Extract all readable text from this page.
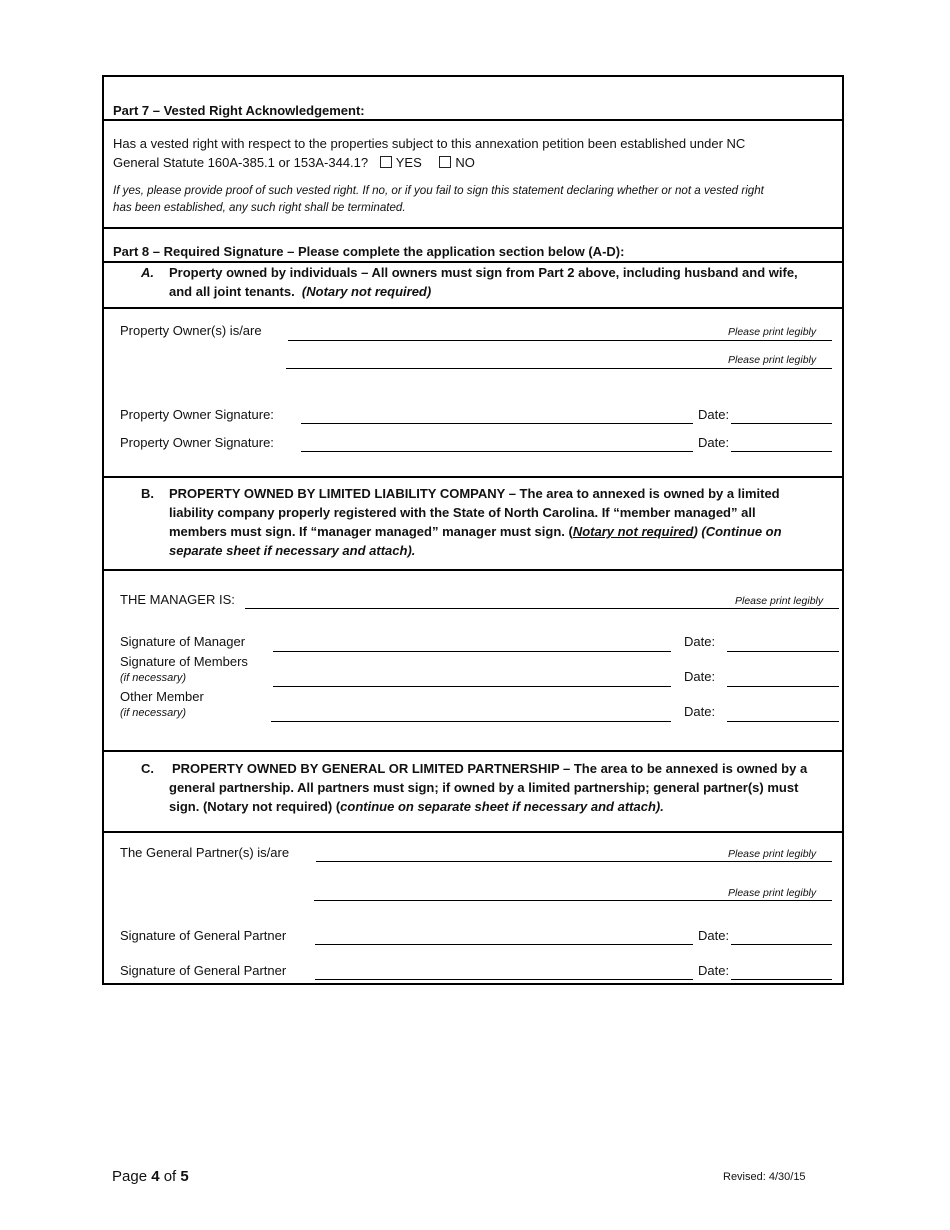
Part 7 – Vested Right Acknowledgement:
Has a vested right with respect to the properties subject to this annexation petition been established under NC
General Statute 160A-385.1 or 153A-344.1? YES	NO
If yes, please provide proof of such vested right. If no, or if you fail to sign this statement declaring whether or not a vested right
has been established, any such right shall be terminated.
Part 8 – Required Signature – Please complete the application section below (A-D):
A. Property owned by individuals – All owners must sign from Part 2 above, including husband and wife,
and all joint tenants. (Notary not required)
Property Owner(s) is/are	Please print legibly
Please print legibly
Property Owner Signature:	Date:
Property Owner Signature:	Date:
B. PROPERTY OWNED BY LIMITED LIABILITY COMPANY – The area to annexed is owned by a limited
liability company properly registered with the State of North Carolina. If “member managed” all
members must sign. If “manager managed” manager must sign. (Notary not required) (Continue on
separate sheet if necessary and attach).
THE MANAGER IS:	Please print legibly
Signature of Manager	Date:
Signature of Members
(if necessary)	Date:
Other Member
(if necessary)	Date:
C. PROPERTY OWNED BY GENERAL OR LIMITED PARTNERSHIP – The area to be annexed is owned by a
general partnership. All partners must sign; if owned by a limited partnership; general partner(s) must
sign. (Notary not required) (continue on separate sheet if necessary and attach).
The General Partner(s) is/are	Please print legibly
Please print legibly
Signature of General Partner	Date:
Signature of General Partner	Date:
Page 4 of 5	Revised: 4/30/15
